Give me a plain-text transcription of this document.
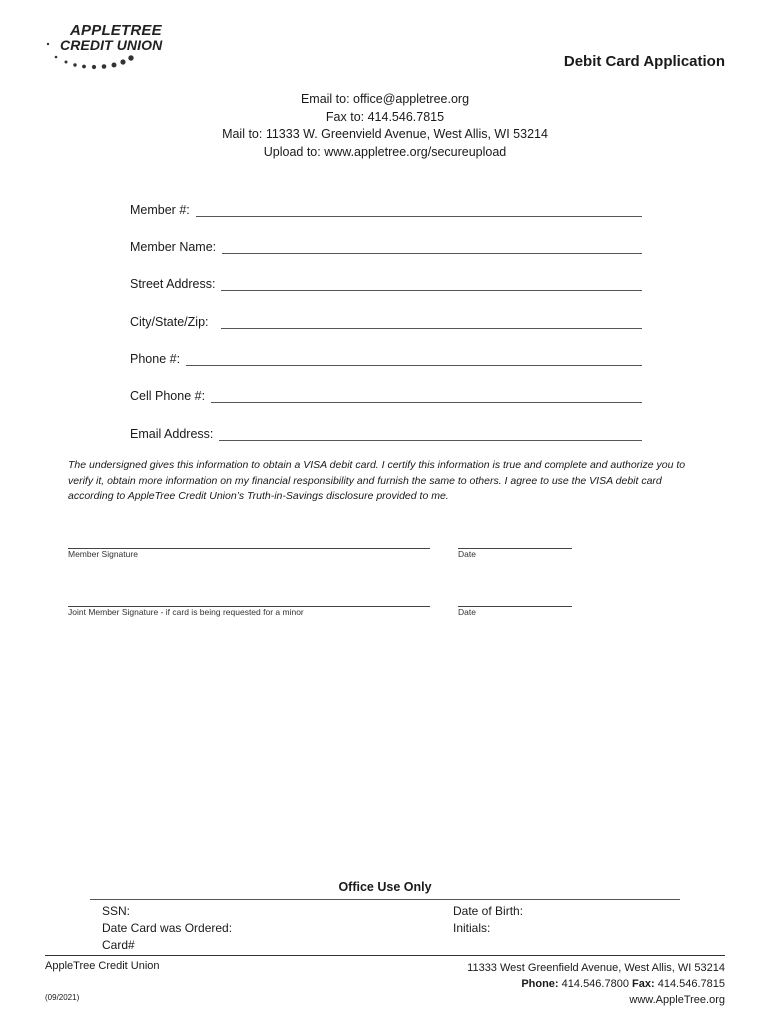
APPLETREE
CREDIT UNION
Debit Card Application
Email to: office@appletree.org
Fax to: 414.546.7815
Mail to: 11333 W. Greenvield Avenue, West Allis, WI 53214
Upload to: www.appletree.org/secureupload
Member #:
Member Name:
Street Address:
City/State/Zip:
Phone #:
Cell Phone #:
Email Address:
The undersigned gives this information to obtain a VISA debit card. I certify this information is true and complete and authorize you to verify it, obtain more information on my financial responsibility and furnish the same to others. I agree to use the VISA debit card according to AppleTree Credit Union’s Truth-in-Savings disclosure provided to me.
Member Signature	Date
Joint Member Signature - if card is being requested for a minor	Date
Office Use Only
SSN:
Date Card was Ordered:
Card#
Date of Birth:
Initials:
AppleTree Credit Union
(09/2021)
11333 West Greenfield Avenue, West Allis, WI 53214
Phone: 414.546.7800 Fax: 414.546.7815
www.AppleTree.org
